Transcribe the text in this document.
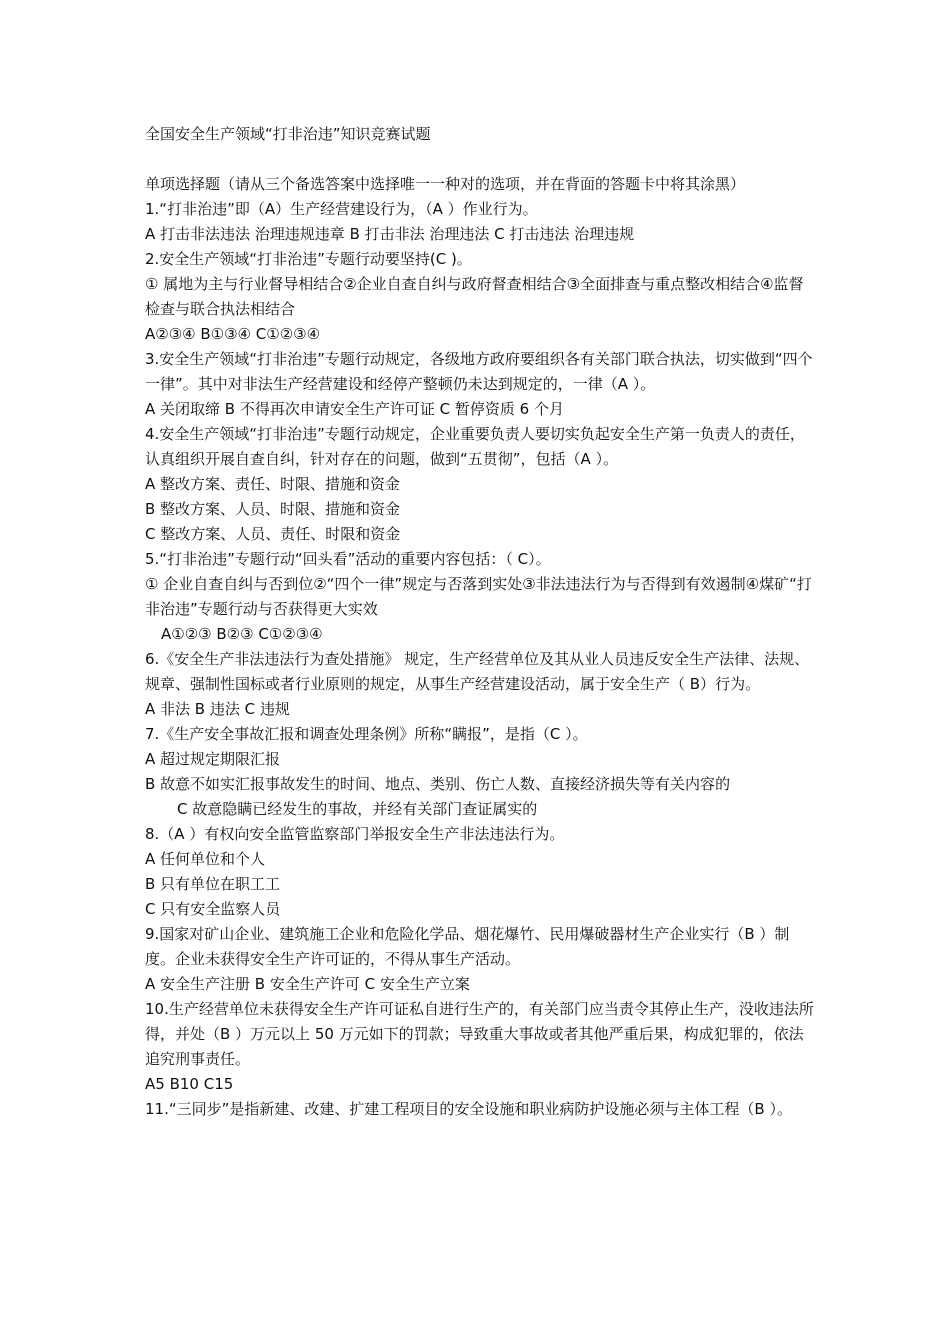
全国安全生产领域“打非治违”知识竞赛试题

单项选择题（请从三个备选答案中选择唯一一种对的选项，并在背面的答题卡中将其涂黑）

1.“打非治违”即（A）生产经营建设行为，（A ）作业行为。

A 打击非法违法 治理违规违章 B 打击非法 治理违法 C 打击违法 治理违规

2.安全生产领域“打非治违”专题行动要坚持(C )。

① 属地为主与行业督导相结合②企业自查自纠与政府督查相结合③全面排查与重点整改相结合④监督检查与联合执法相结合

A②③④ B①③④ C①②③④

3.安全生产领域“打非治违”专题行动规定，各级地方政府要组织各有关部门联合执法，切实做到“四个一律”。其中对非法生产经营建设和经停产整顿仍未达到规定的，一律（A ）。

A 关闭取缔 B 不得再次申请安全生产许可证 C 暂停资质 6 个月

4.安全生产领域“打非治违”专题行动规定，企业重要负责人要切实负起安全生产第一负责人的责任，认真组织开展自查自纠，针对存在的问题，做到“五贯彻”，包括（A ）。

A 整改方案、责任、时限、措施和资金

B 整改方案、人员、时限、措施和资金

C 整改方案、人员、责任、时限和资金

5.“打非治违”专题行动“回头看”活动的重要内容包括：（ C）。

① 企业自查自纠与否到位②“四个一律”规定与否落到实处③非法违法行为与否得到有效遏制④煤矿“打非治违”专题行动与否获得更大实效

A①②③ B②③ C①②③④

6.《安全生产非法违法行为查处措施》 规定，生产经营单位及其从业人员违反安全生产法律、法规、规章、强制性国标或者行业原则的规定，从事生产经营建设活动，属于安全生产（ B）行为。

A 非法 B 违法 C 违规

7.《生产安全事故汇报和调查处理条例》所称“瞒报”，是指（C ）。

A 超过规定期限汇报

B 故意不如实汇报事故发生的时间、地点、类别、伤亡人数、直接经济损失等有关内容的

C 故意隐瞒已经发生的事故，并经有关部门查证属实的

8.（A ）有权向安全监管监察部门举报安全生产非法违法行为。

A 任何单位和个人

B 只有单位在职工工

C 只有安全监察人员

9.国家对矿山企业、建筑施工企业和危险化学品、烟花爆竹、民用爆破器材生产企业实行（B ）制度。企业未获得安全生产许可证的，不得从事生产活动。

A 安全生产注册 B 安全生产许可 C 安全生产立案

10.生产经营单位未获得安全生产许可证私自进行生产的，有关部门应当责令其停止生产，没收违法所得，并处（B ）万元以上 50 万元如下的罚款；导致重大事故或者其他严重后果，构成犯罪的，依法追究刑事责任。

A5 B10 C15

11.“三同步”是指新建、改建、扩建工程项目的安全设施和职业病防护设施必须与主体工程（B ）。
